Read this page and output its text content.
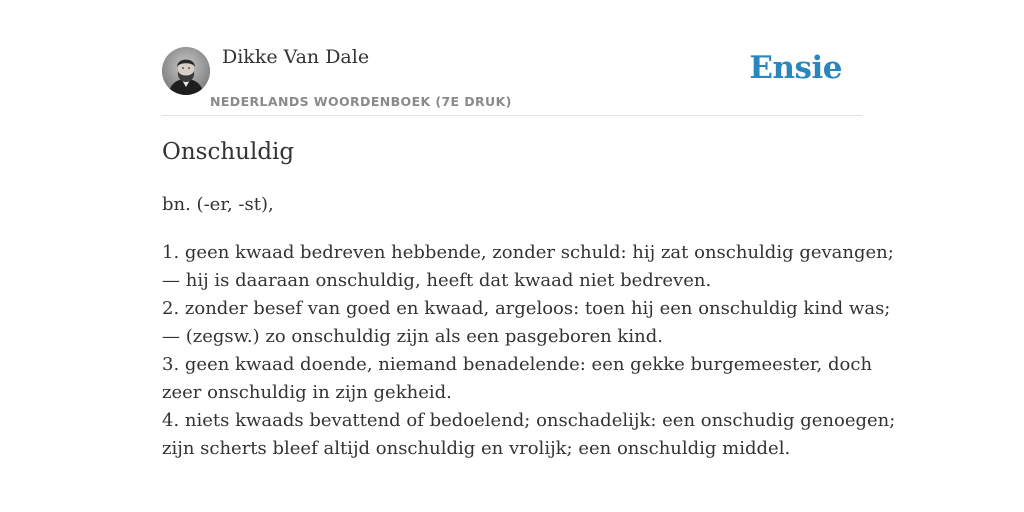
Dikke Van Dale
NEDERLANDS WOORDENBOEK (7E DRUK)
Ensie
Onschuldig
bn. (-er, -st),
1. geen kwaad bedreven hebbende, zonder schuld: hij zat onschuldig gevangen;
— hij is daaraan onschuldig, heeft dat kwaad niet bedreven.
2. zonder besef van goed en kwaad, argeloos: toen hij een onschuldig kind was;
— (zegsw.) zo onschuldig zijn als een pasgeboren kind.
3. geen kwaad doende, niemand benadelende: een gekke burgemeester, doch
zeer onschuldig in zijn gekheid.
4. niets kwaads bevattend of bedoelend; onschadelijk: een onschudig genoegen;
zijn scherts bleef altijd onschuldig en vrolijk; een onschuldig middel.
